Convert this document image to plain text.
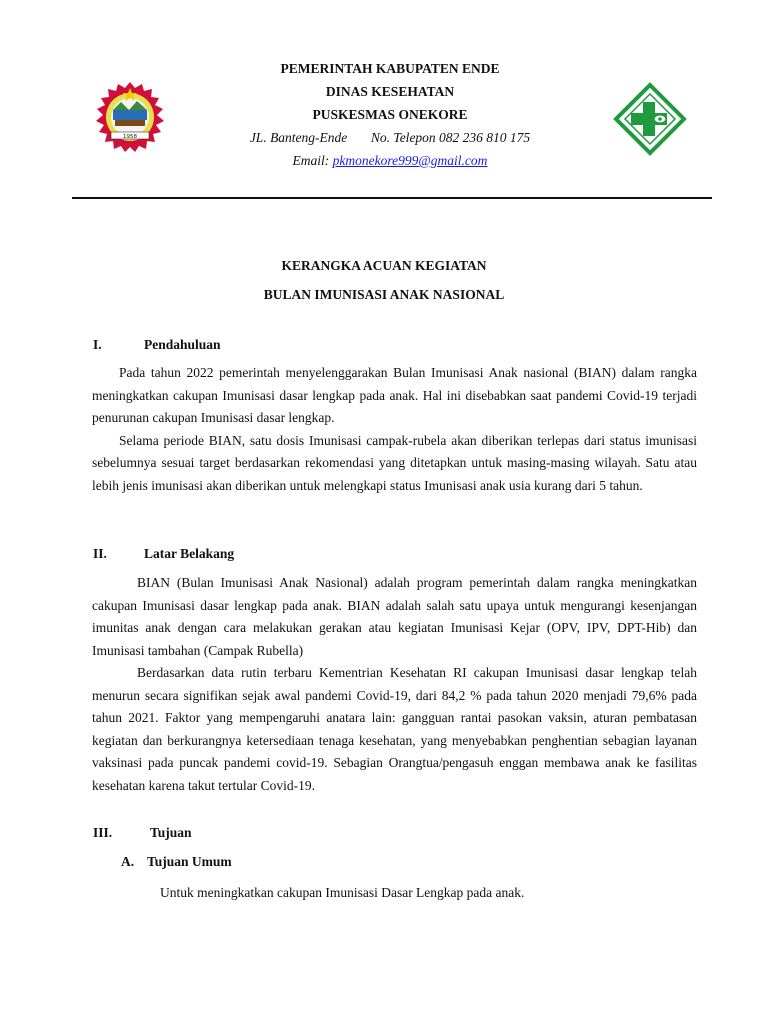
1958
PEMERINTAH KABUPATEN ENDE
DINAS KESEHATAN
PUSKESMAS ONEKORE
JL. Banteng-Ende No. Telepon 082 236 810 175
Email: pkmonekore999@gmail.com
KERANGKA ACUAN KEGIATAN
BULAN IMUNISASI ANAK NASIONAL
I.	Pendahuluan

Pada tahun 2022 pemerintah menyelenggarakan Bulan Imunisasi Anak nasional (BIAN) dalam rangka meningkatkan cakupan Imunisasi dasar lengkap pada anak. Hal ini disebabkan saat pandemi Covid-19 terjadi penurunan cakupan Imunisasi dasar lengkap.

Selama periode BIAN, satu dosis Imunisasi campak-rubela akan diberikan terlepas dari status imunisasi sebelumnya sesuai target berdasarkan rekomendasi yang ditetapkan untuk masing-masing wilayah. Satu atau lebih jenis imunisasi akan diberikan untuk melengkapi status Imunisasi anak usia kurang dari 5 tahun.

II.	Latar Belakang

BIAN (Bulan Imunisasi Anak Nasional) adalah program pemerintah dalam rangka meningkatkan cakupan Imunisasi dasar lengkap pada anak. BIAN adalah salah satu upaya untuk mengurangi kesenjangan imunitas anak dengan cara melakukan gerakan atau kegiatan Imunisasi Kejar (OPV, IPV, DPT-Hib) dan Imunisasi tambahan (Campak Rubella)

Berdasarkan data rutin terbaru Kementrian Kesehatan RI cakupan Imunisasi dasar lengkap telah menurun secara signifikan sejak awal pandemi Covid-19, dari 84,2 % pada tahun 2020 menjadi 79,6% pada tahun 2021. Faktor yang mempengaruhi anatara lain: gangguan rantai pasokan vaksin, aturan pembatasan kegiatan dan berkurangnya ketersediaan tenaga kesehatan, yang menyebabkan penghentian sebagian layanan vaksinasi pada puncak pandemi covid-19. Sebagian Orangtua/pengasuh enggan membawa anak ke fasilitas kesehatan karena takut tertular Covid-19.

III.	Tujuan
A. Tujuan Umum

Untuk meningkatkan cakupan Imunisasi Dasar Lengkap pada anak.
